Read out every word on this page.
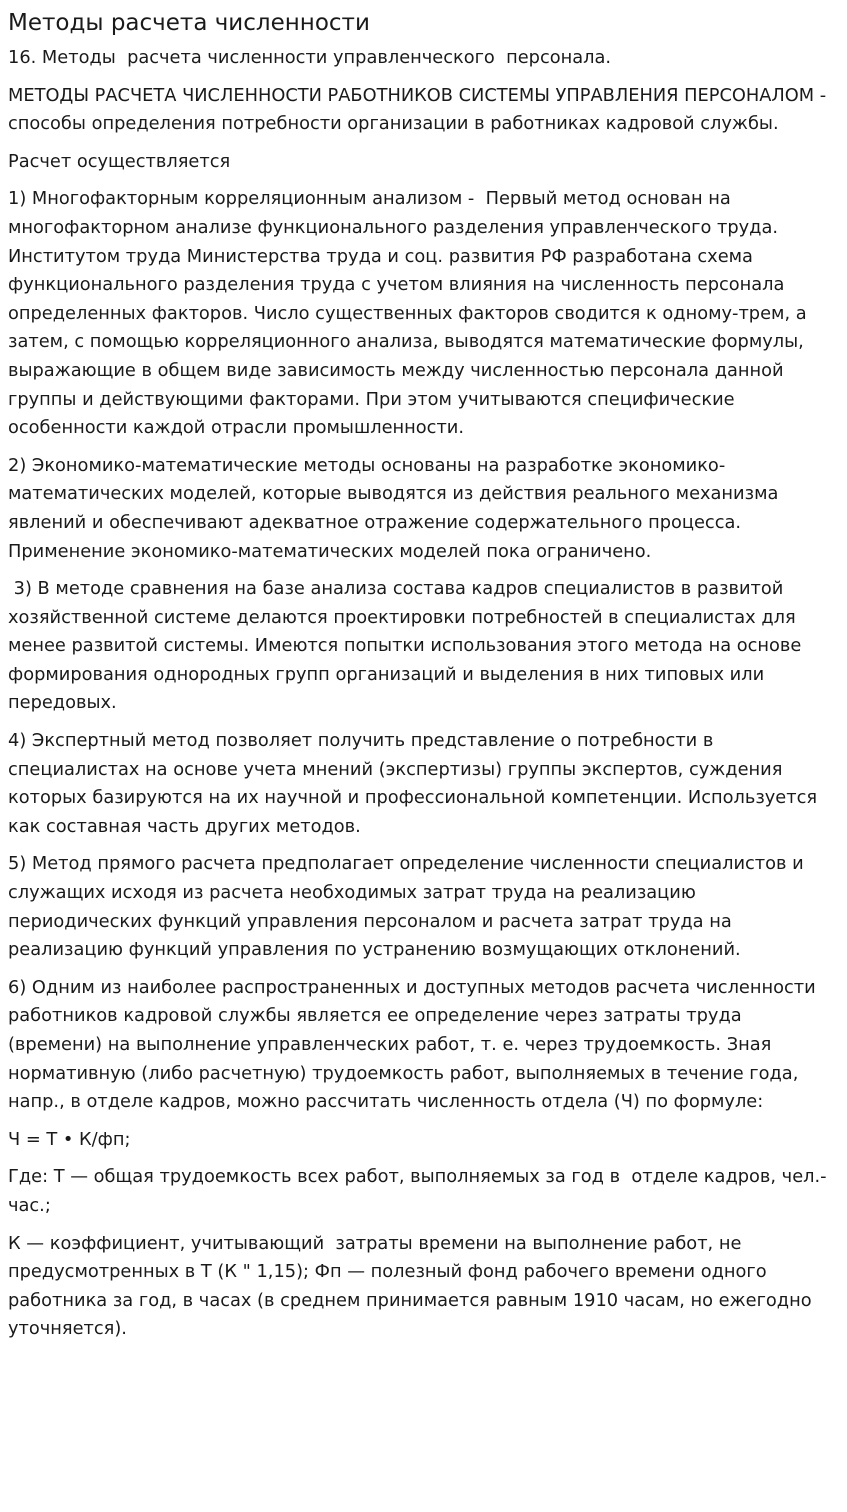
Методы расчета численности

16. Методы  расчета численности управленческого  персонала.

МЕТОДЫ РАСЧЕТА ЧИСЛЕННОСТИ РАБОТНИКОВ СИСТЕМЫ УПРАВЛЕНИЯ ПЕРСОНАЛОМ - способы определения потребности организации в работниках кадровой службы.

Расчет осуществляется

1) Многофакторным корреляционным анализом -  Первый метод основан на многофакторном анализе функционального разделения управленческого труда. Институтом труда Министерства труда и соц. развития РФ разработана схема функционального разделения труда с учетом влияния на численность персонала определенных факторов. Число существенных факторов сводится к одному-трем, а затем, с помощью корреляционного анализа, выводятся математические формулы, выражающие в общем виде зависимость между численностью персонала данной группы и действующими факторами. При этом учитываются специфические особенности каждой отрасли промышленности.

2) Экономико-математические методы основаны на разработке экономико-математических моделей, которые выводятся из действия реального механизма явлений и обеспечивают адекватное отражение содержательного процесса. Применение экономико-математических моделей пока ограничено.

3) В методе сравнения на базе анализа состава кадров специалистов в развитой хозяйственной системе делаются проектировки потребностей в специалистах для менее развитой системы. Имеются попытки использования этого метода на основе формирования однородных групп организаций и выделения в них типовых или передовых.

4) Экспертный метод позволяет получить представление о потребности в специалистах на основе учета мнений (экспертизы) группы экспертов, суждения которых базируются на их научной и профессиональной компетенции. Используется как составная часть других методов.

5) Метод прямого расчета предполагает определение численности специалистов и служащих исходя из расчета необходимых затрат труда на реализацию периодических функций управления персоналом и расчета затрат труда на реализацию функций управления по устранению возмущающих отклонений.

6) Одним из наиболее распространенных и доступных методов расчета численности работников кадровой службы является ее определение через затраты труда (времени) на выполнение управленческих работ, т. е. через трудоемкость. Зная нормативную (либо расчетную) трудоемкость работ, выполняемых в течение года, напр., в отделе кадров, можно рассчитать численность отдела (Ч) по формуле:

Ч = Т • К/фп;

Где: Т — общая трудоемкость всех работ, выполняемых за год в  отделе кадров, чел.-час.;

К — коэффициент, учитывающий  затраты времени на выполнение работ, не предусмотренных в Т (К " 1,15); Фп — полезный фонд рабочего времени одного работника за год, в часах (в среднем принимается равным 1910 часам, но ежегодно уточняется).
